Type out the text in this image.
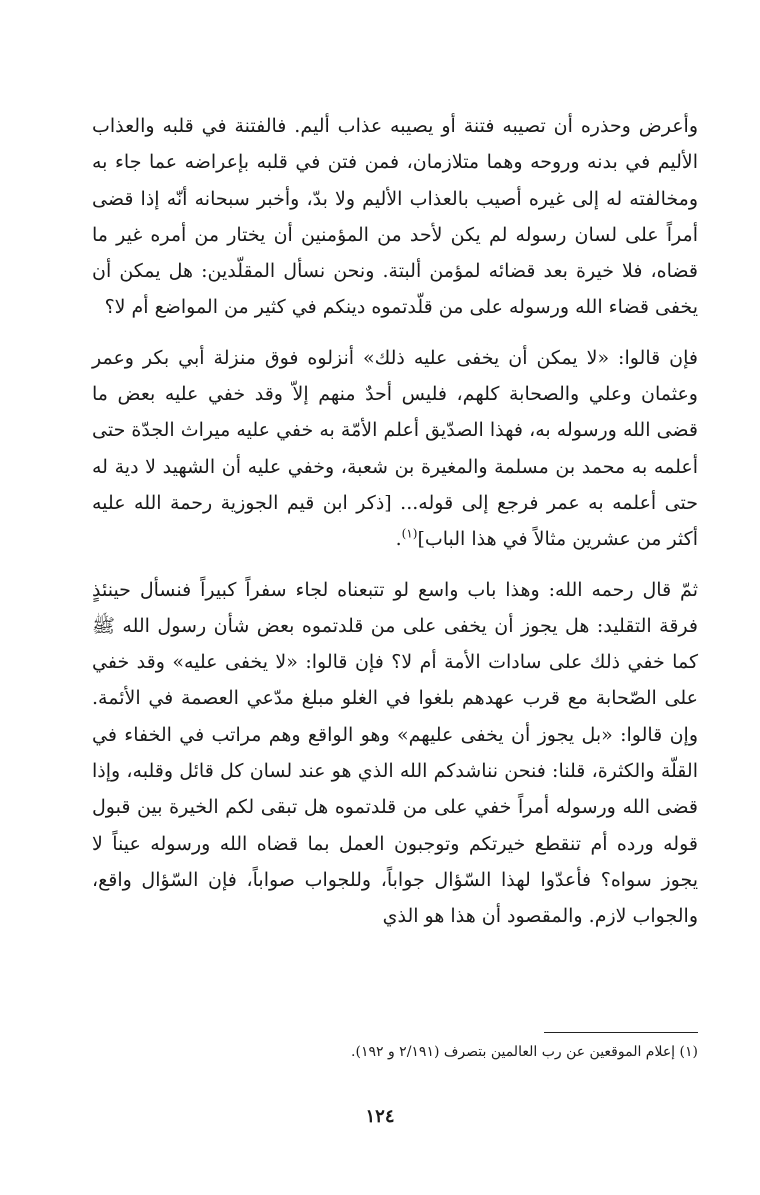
وأعرض وحذره أن تصيبه فتنة أو يصيبه عذاب أليم. فالفتنة في قلبه والعذاب الأليم في بدنه وروحه وهما متلازمان، فمن فتن في قلبه بإعراضه عما جاء به ومخالفته له إلى غيره أصيب بالعذاب الأليم ولا بدّ، وأخبر سبحانه أنّه إذا قضى أمراً على لسان رسوله لم يكن لأحد من المؤمنين أن يختار من أمره غير ما قضاه، فلا خيرة بعد قضائه لمؤمن ألبتة. ونحن نسأل المقلّدين: هل يمكن أن يخفى قضاء الله ورسوله على من قلّدتموه دينكم في كثير من المواضع أم لا؟

فإن قالوا: «لا يمكن أن يخفى عليه ذلك» أنزلوه فوق منزلة أبي بكر وعمر وعثمان وعلي والصحابة كلهم، فليس أحدٌ منهم إلاّ وقد خفي عليه بعض ما قضى الله ورسوله به، فهذا الصدّيق أعلم الأمّة به خفي عليه ميراث الجدّة حتى أعلمه به محمد بن مسلمة والمغيرة بن شعبة، وخفي عليه أن الشهيد لا دية له حتى أعلمه به عمر فرجع إلى قوله... [ذكر ابن قيم الجوزية رحمة الله عليه أكثر من عشرين مثالاً في هذا الباب]$^{(١)}$.

ثمّ قال رحمه الله: وهذا باب واسع لو تتبعناه لجاء سفراً كبيراً فنسأل حينئذٍ فرقة التقليد: هل يجوز أن يخفى على من قلدتموه بعض شأن رسول الله ﷺ كما خفي ذلك على سادات الأمة أم لا؟ فإن قالوا: «لا يخفى عليه» وقد خفي على الصّحابة مع قرب عهدهم بلغوا في الغلو مبلغ مدّعي العصمة في الأئمة. وإن قالوا: «بل يجوز أن يخفى عليهم» وهو الواقع وهم مراتب في الخفاء في القلّة والكثرة، قلنا: فنحن نناشدكم الله الذي هو عند لسان كل قائل وقلبه، وإذا قضى الله ورسوله أمراً خفي على من قلدتموه هل تبقى لكم الخيرة بين قبول قوله ورده أم تنقطع خيرتكم وتوجبون العمل بما قضاه الله ورسوله عيناً لا يجوز سواه؟ فأعدّوا لهذا السّؤال جواباً، وللجواب صواباً، فإن السّؤال واقع، والجواب لازم. والمقصود أن هذا هو الذي

(١) إعلام الموقعين عن رب العالمين بتصرف (٢/١٩١ و ١٩٢).
١٢٤
